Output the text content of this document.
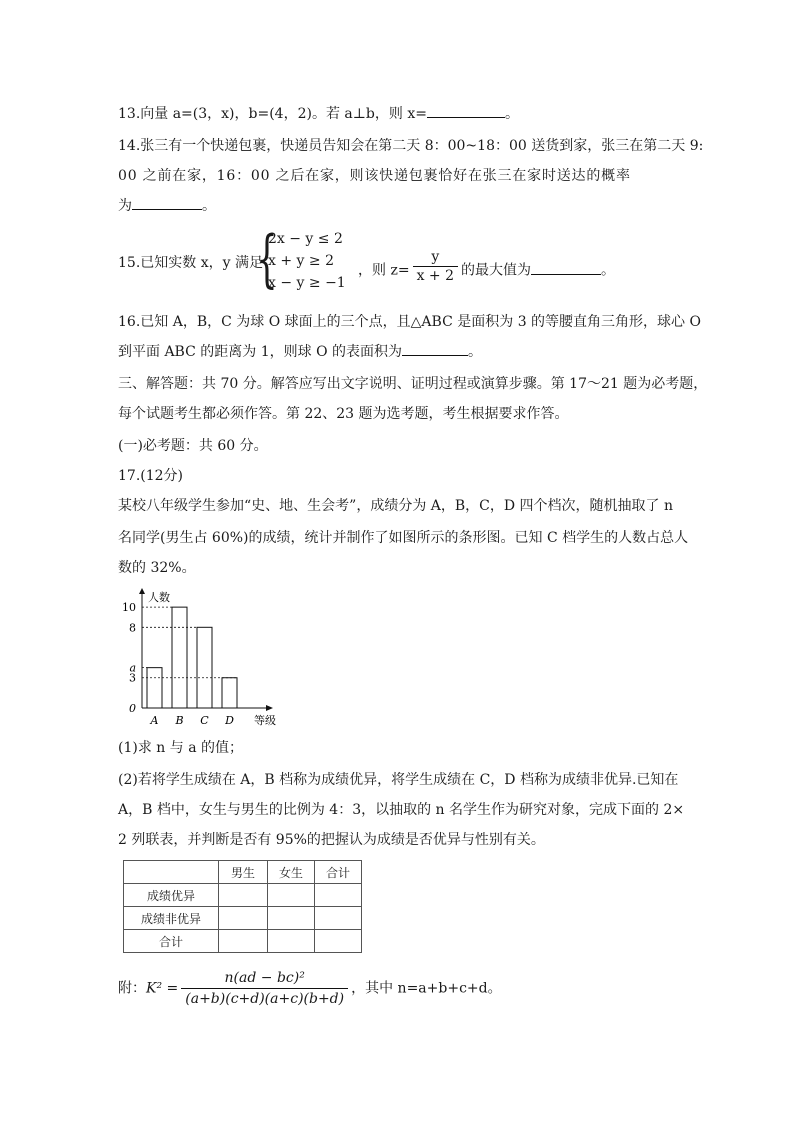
13.向量 a=(3，x)，b=(4，2)。若 a⊥b，则 x=	。
14.张三有一个快递包裹，快递员告知会在第二天 8：00~18：00 送货到家，张三在第二天 9:
00 之前在家，16：00 之后在家，则该快递包裹恰好在张三在家时送达的概率
为	。
15.已知实数 x，y 满足
{
2x − y ≤ 2
x + y ≥ 2
x − y ≥ −1
，则 $z= \frac{y}{x + 2}$ 的最大值为	。
16.已知 A，B，C 为球 O 球面上的三个点，且△ABC 是面积为 3 的等腰直角三角形，球心 O
到平面 ABC 的距离为 1，则球 O 的表面积为	。
三、解答题：共 70 分。解答应写出文字说明、证明过程或演算步骤。第 17～21 题为必考题，
每个试题考生都必须作答。第 22、23 题为选考题，考生根据要求作答。
(一)必考题：共 60 分。
17.(12分)
某校八年级学生参加“史、地、生会考”，成绩分为 A，B，C，D 四个档次，随机抽取了 n
名同学(男生占 60%)的成绩，统计并制作了如图所示的条形图。已知 C 档学生的人数占总人
数的 32%。
人数
等级
A B C D
0
3
a
8
10
(1)求 n 与 a 的值；
(2)若将学生成绩在 A，B 档称为成绩优异，将学生成绩在 C，D 档称为成绩非优异.已知在
A，B 档中，女生与男生的比例为 4：3，以抽取的 n 名学生作为研究对象，完成下面的 2×
2 列联表，并判断是否有 95%的把握认为成绩是否优异与性别有关。
	男生	女生	合计
成绩优异			
成绩非优异			
合计			
附：$K^2 = \frac{\text{n(ad − bc)²}}{(a+b)(c+d)(a+c)(b+d)}$ ，其中 n=a+b+c+d。
